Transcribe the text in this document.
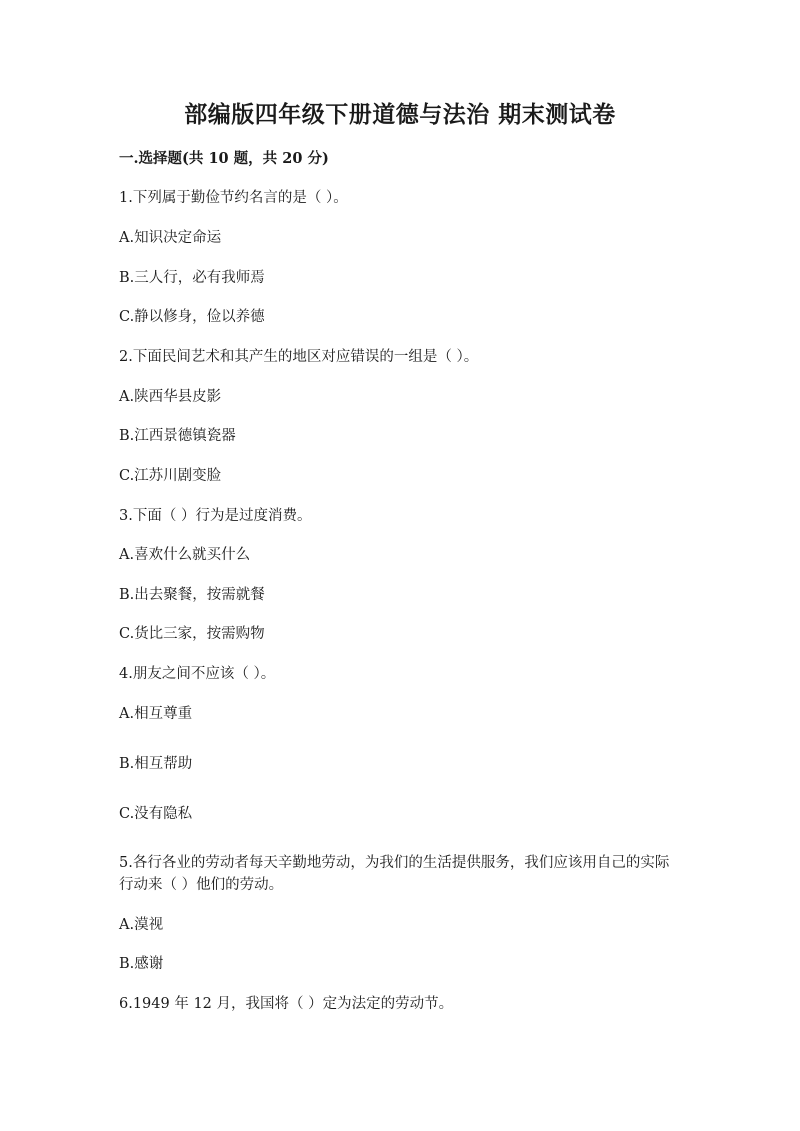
部编版四年级下册道德与法治 期末测试卷
一.选择题(共 10 题，共 20 分)
1.下列属于勤俭节约名言的是（ ）。
A.知识决定命运
B.三人行，必有我师焉
C.静以修身，俭以养德
2.下面民间艺术和其产生的地区对应错误的一组是（ ）。
A.陕西华县皮影
B.江西景德镇瓷器
C.江苏川剧变脸
3.下面（ ）行为是过度消费。
A.喜欢什么就买什么
B.出去聚餐，按需就餐
C.货比三家，按需购物
4.朋友之间不应该（ ）。
A.相互尊重
B.相互帮助
C.没有隐私
5.各行各业的劳动者每天辛勤地劳动，为我们的生活提供服务，我们应该用自己的实际行动来（ ）他们的劳动。
A.漠视
B.感谢
6.1949 年 12 月，我国将（ ）定为法定的劳动节。
